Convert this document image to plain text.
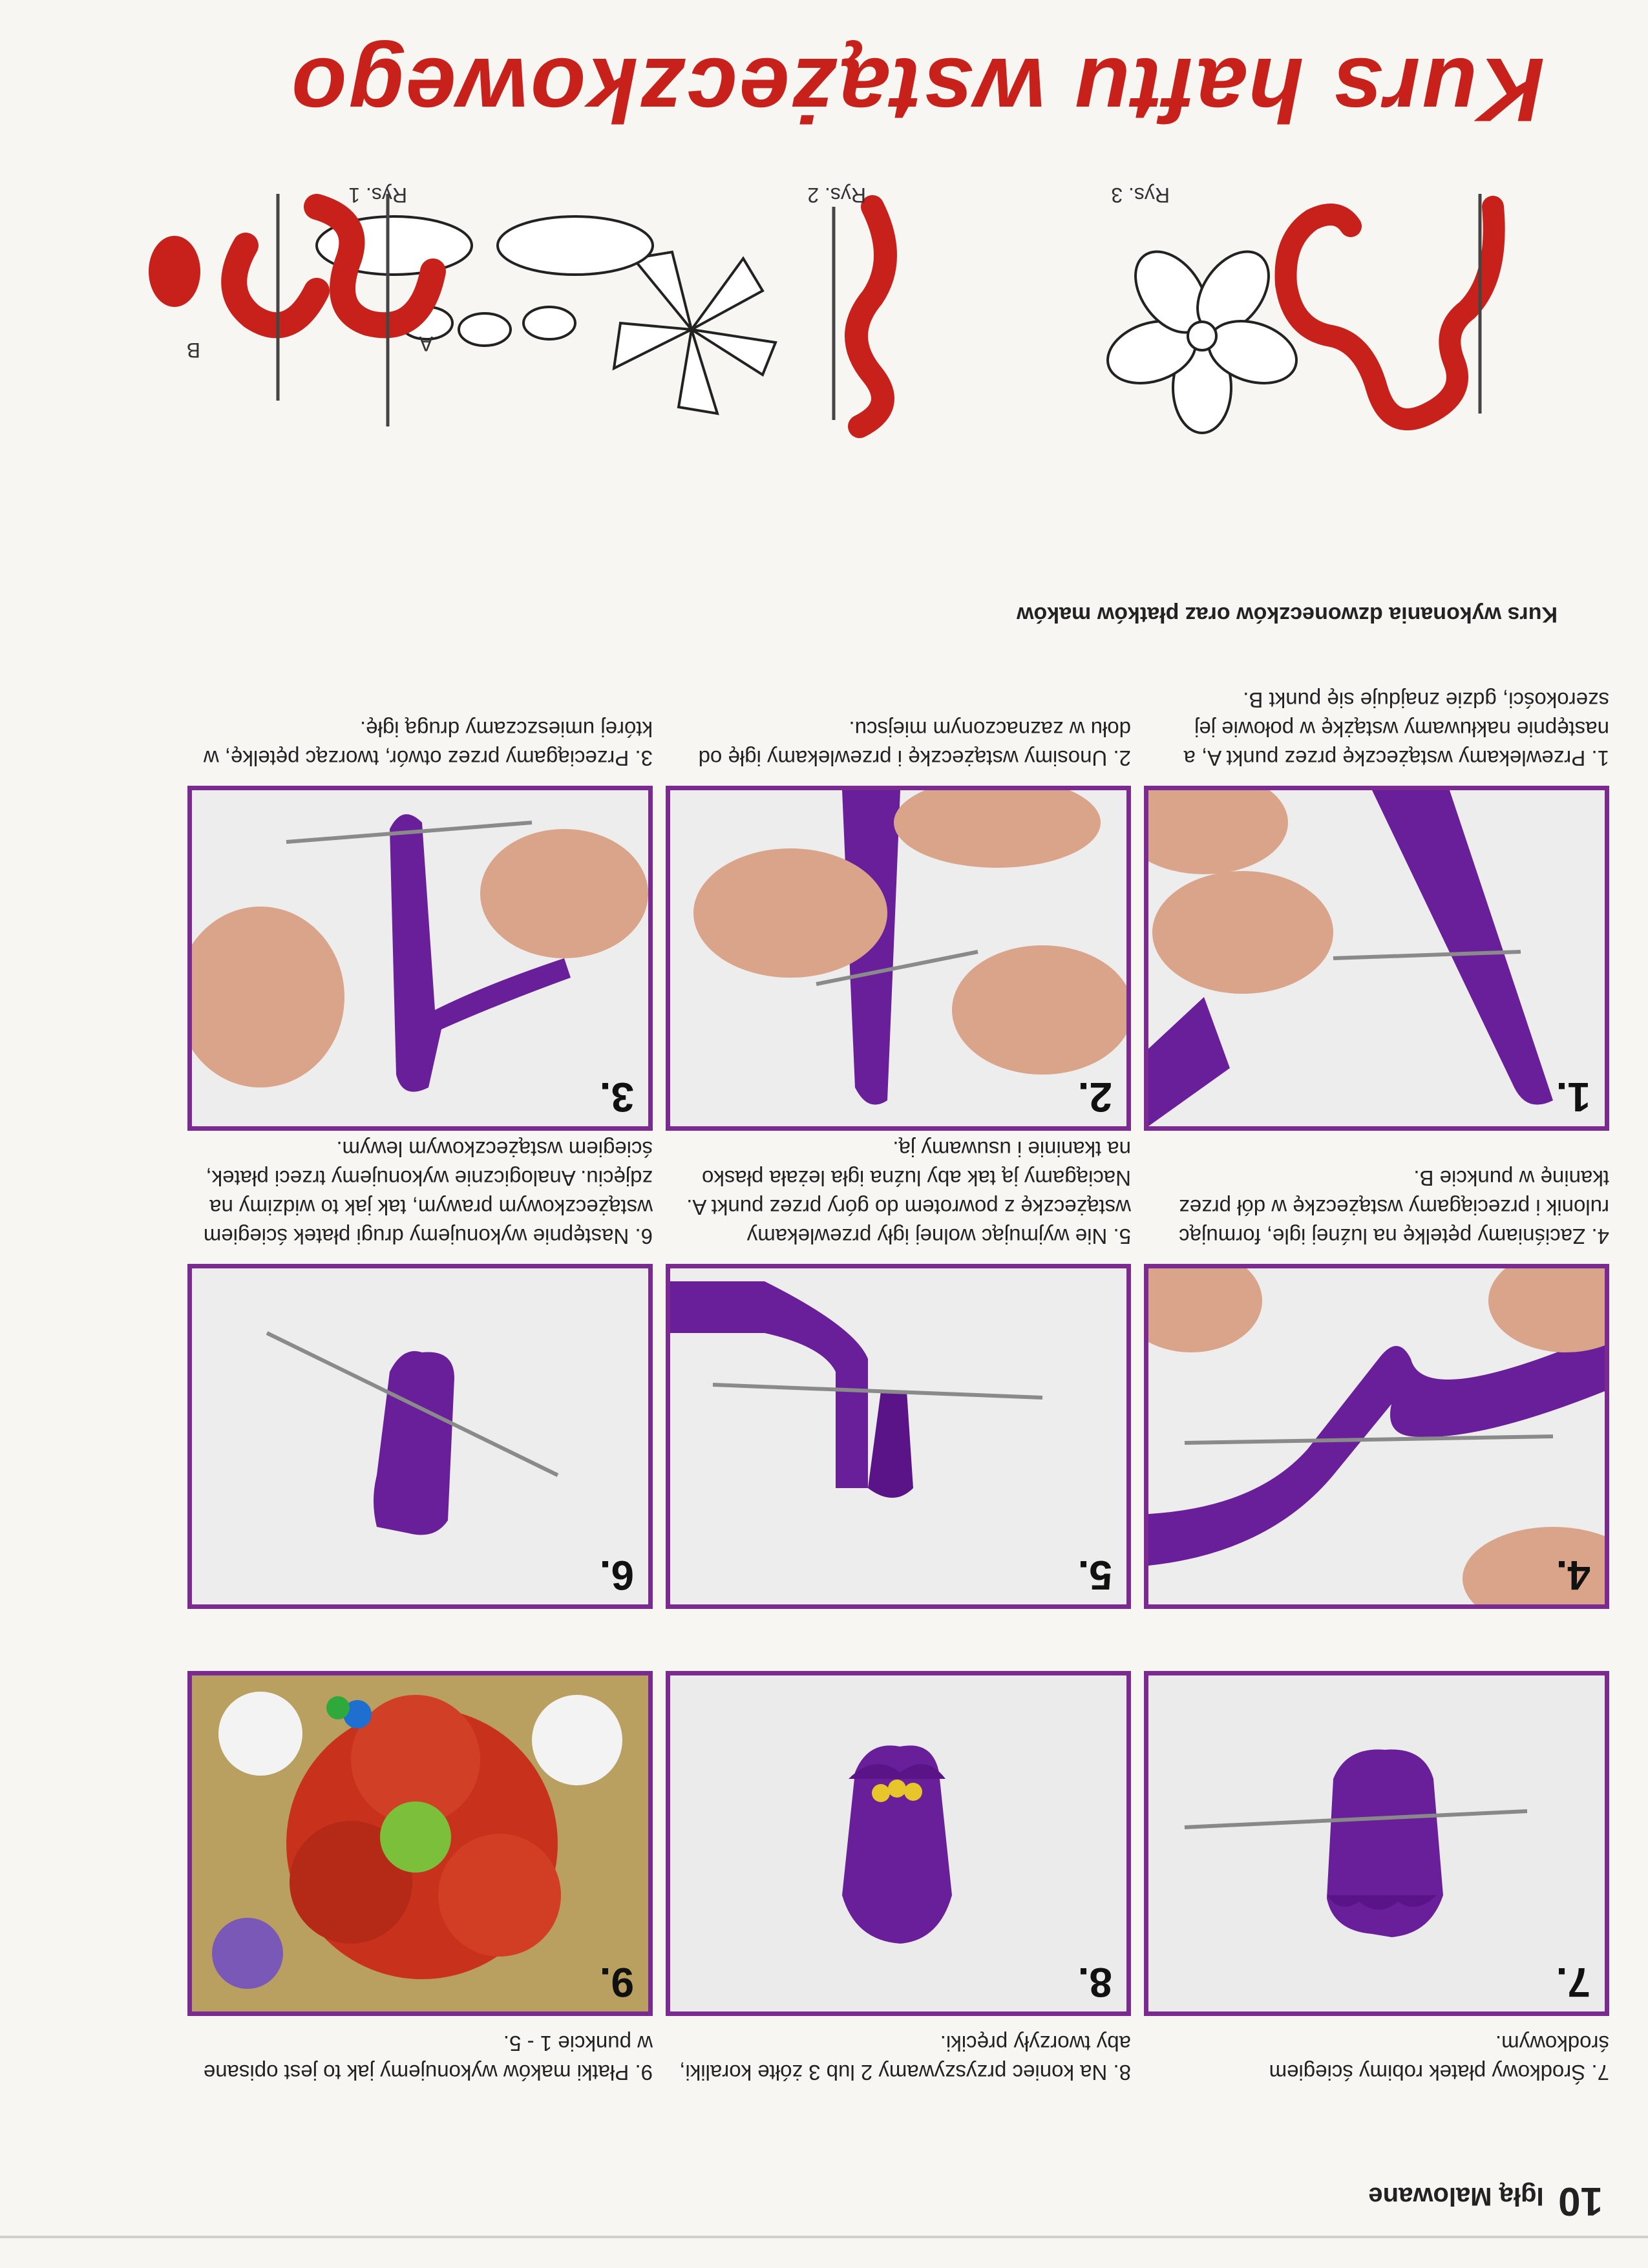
10 Igłą Malowane
7. Środkowy płatek robimy ściegiem środkowym.
7.
8. Na koniec przyszywamy 2 lub 3 żółte koraliki, aby tworzyły pręciki.
8.
9. Płatki maków wykonujemy jak to jest opisane w punkcie 1 - 5.
9.
4.
4. Zaciśniamy pętelkę na luźnej igle, formując rulonik i przeciągamy wstążeczkę w dół przez tkaninę w punkcie B.
5.
5. Nie wyjmując wolnej igły przewlekamy wstążeczkę z powrotem do góry przez punkt A. Naciągamy ją tak aby luźna igła leżała płasko na tkaninie i usuwamy ją.
6.
6. Następnie wykonujemy drugi płatek ściegiem wstążeczkowym prawym, tak jak to widzimy na zdjęciu. Analogicznie wykonujemy trzeci płatek, ściegiem wstążeczkowym lewym.
1.
1. Przewlekamy wstążeczkę przez punkt A, a następnie nakłuwamy wstążkę w połowie jej szerokości, gdzie znajduje się punkt B.
2.
2. Unosimy wstążeczkę i przewlekamy igłę od dołu w zaznaczonym miejscu.
3.
3. Przeciągamy przez otwór, tworząc pętelkę, w której umieszczamy drugą igłę.
Kurs wykonania dzwoneczków oraz płatków maków
Rys. 3
Rys. 2
Rys. 1
A
B
Kurs haftu wstążeczkowego
